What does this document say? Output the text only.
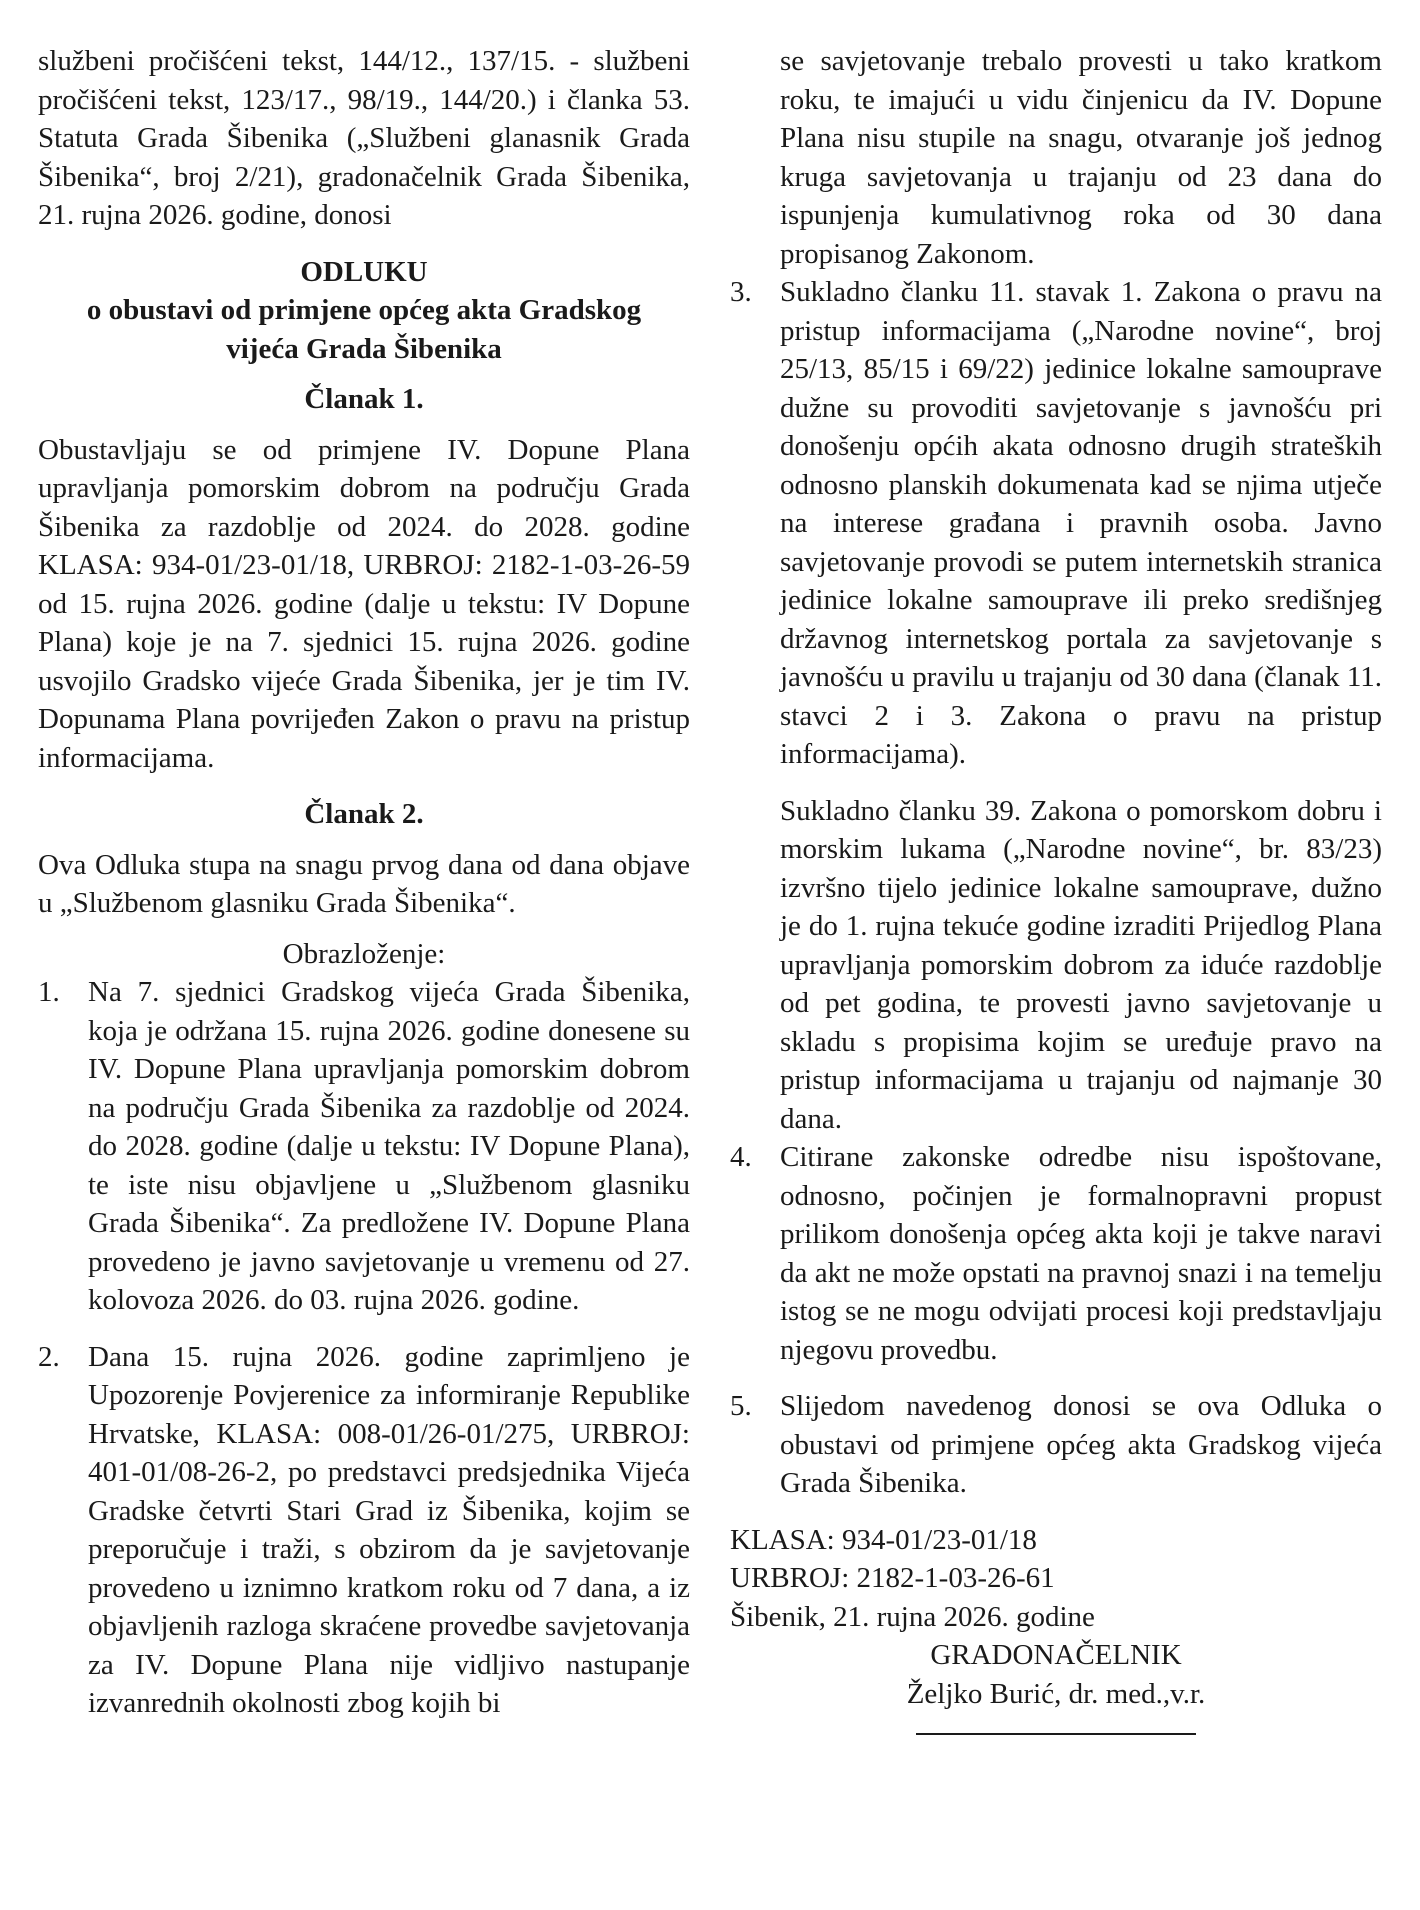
službeni pročišćeni tekst, 144/12., 137/15. - službeni pročišćeni tekst, 123/17., 98/19., 144/20.) i članka 53. Statuta Grada Šibenika („Službeni glanasnik Grada Šibenika“, broj 2/21), gradonačelnik Grada Šibenika, 21. rujna 2026. godine, donosi

ODLUKU

o obustavi od primjene općeg akta Gradskog vijeća Grada Šibenika

Članak 1.

Obustavljaju se od primjene IV. Dopune Plana upravljanja pomorskim dobrom na području Grada Šibenika za razdoblje od 2024. do 2028. godine KLASA: 934-01/23-01/18, URBROJ: 2182-1-03-26-59 od 15. rujna 2026. godine (dalje u tekstu: IV Dopune Plana) koje je na 7. sjednici 15. rujna 2026. godine usvojilo Gradsko vijeće Grada Šibenika, jer je tim IV. Dopunama Plana povrijeđen Zakon o pravu na pristup informacijama.

Članak 2.

Ova Odluka stupa na snagu prvog dana od dana objave u „Službenom glasniku Grada Šibenika“.

Obrazloženje:

1. Na 7. sjednici Gradskog vijeća Grada Šibenika, koja je održana 15. rujna 2026. godine donesene su IV. Dopune Plana upravljanja pomorskim dobrom na području Grada Šibenika za razdoblje od 2024. do 2028. godine (dalje u tekstu: IV Dopune Plana), te iste nisu objavljene u „Službenom glasniku Grada Šibenika“. Za predložene IV. Dopune Plana provedeno je javno savjetovanje u vremenu od 27. kolovoza 2026. do 03. rujna 2026. godine.
2. Dana 15. rujna 2026. godine zaprimljeno je Upozorenje Povjerenice za informiranje Republike Hrvatske, KLASA: 008-01/26-01/275, URBROJ: 401-01/08-26-2, po predstavci predsjednika Vijeća Gradske četvrti Stari Grad iz Šibenika, kojim se preporučuje i traži, s obzirom da je savjetovanje provedeno u iznimno kratkom roku od 7 dana, a iz objavljenih razloga skraćene provedbe savjetovanja za IV. Dopune Plana nije vidljivo nastupanje izvanrednih okolnosti zbog kojih bi

se savjetovanje trebalo provesti u tako kratkom roku, te imajući u vidu činjenicu da IV. Dopune Plana nisu stupile na snagu, otvaranje još jednog kruga savjetovanja u trajanju od 23 dana do ispunjenja kumulativnog roka od 30 dana propisanog Zakonom.

3. Sukladno članku 11. stavak 1. Zakona o pravu na pristup informacijama („Narodne novine“, broj 25/13, 85/15 i 69/22) jedinice lokalne samouprave dužne su provoditi savjetovanje s javnošću pri donošenju općih akata odnosno drugih strateških odnosno planskih dokumenata kad se njima utječe na interese građana i pravnih osoba. Javno savjetovanje provodi se putem internetskih stranica jedinice lokalne samouprave ili preko središnjeg državnog internetskog portala za savjetovanje s javnošću u pravilu u trajanju od 30 dana (članak 11. stavci 2 i 3. Zakona o pravu na pristup informacijama).

Sukladno članku 39. Zakona o pomorskom dobru i morskim lukama („Narodne novine“, br. 83/23) izvršno tijelo jedinice lokalne samouprave, dužno je do 1. rujna tekuće godine izraditi Prijedlog Plana upravljanja pomorskim dobrom za iduće razdoblje od pet godina, te provesti javno savjetovanje u skladu s propisima kojim se uređuje pravo na pristup informacijama u trajanju od najmanje 30 dana.

4. Citirane zakonske odredbe nisu ispoštovane, odnosno, počinjen je formalnopravni propust prilikom donošenja općeg akta koji je takve naravi da akt ne može opstati na pravnoj snazi i na temelju istog se ne mogu odvijati procesi koji predstavljaju njegovu provedbu.
5. Slijedom navedenog donosi se ova Odluka o obustavi od primjene općeg akta Gradskog vijeća Grada Šibenika.

KLASA: 934-01/23-01/18

URBROJ: 2182-1-03-26-61

Šibenik, 21. rujna 2026. godine

GRADONAČELNIK

Željko Burić, dr. med.,v.r.
